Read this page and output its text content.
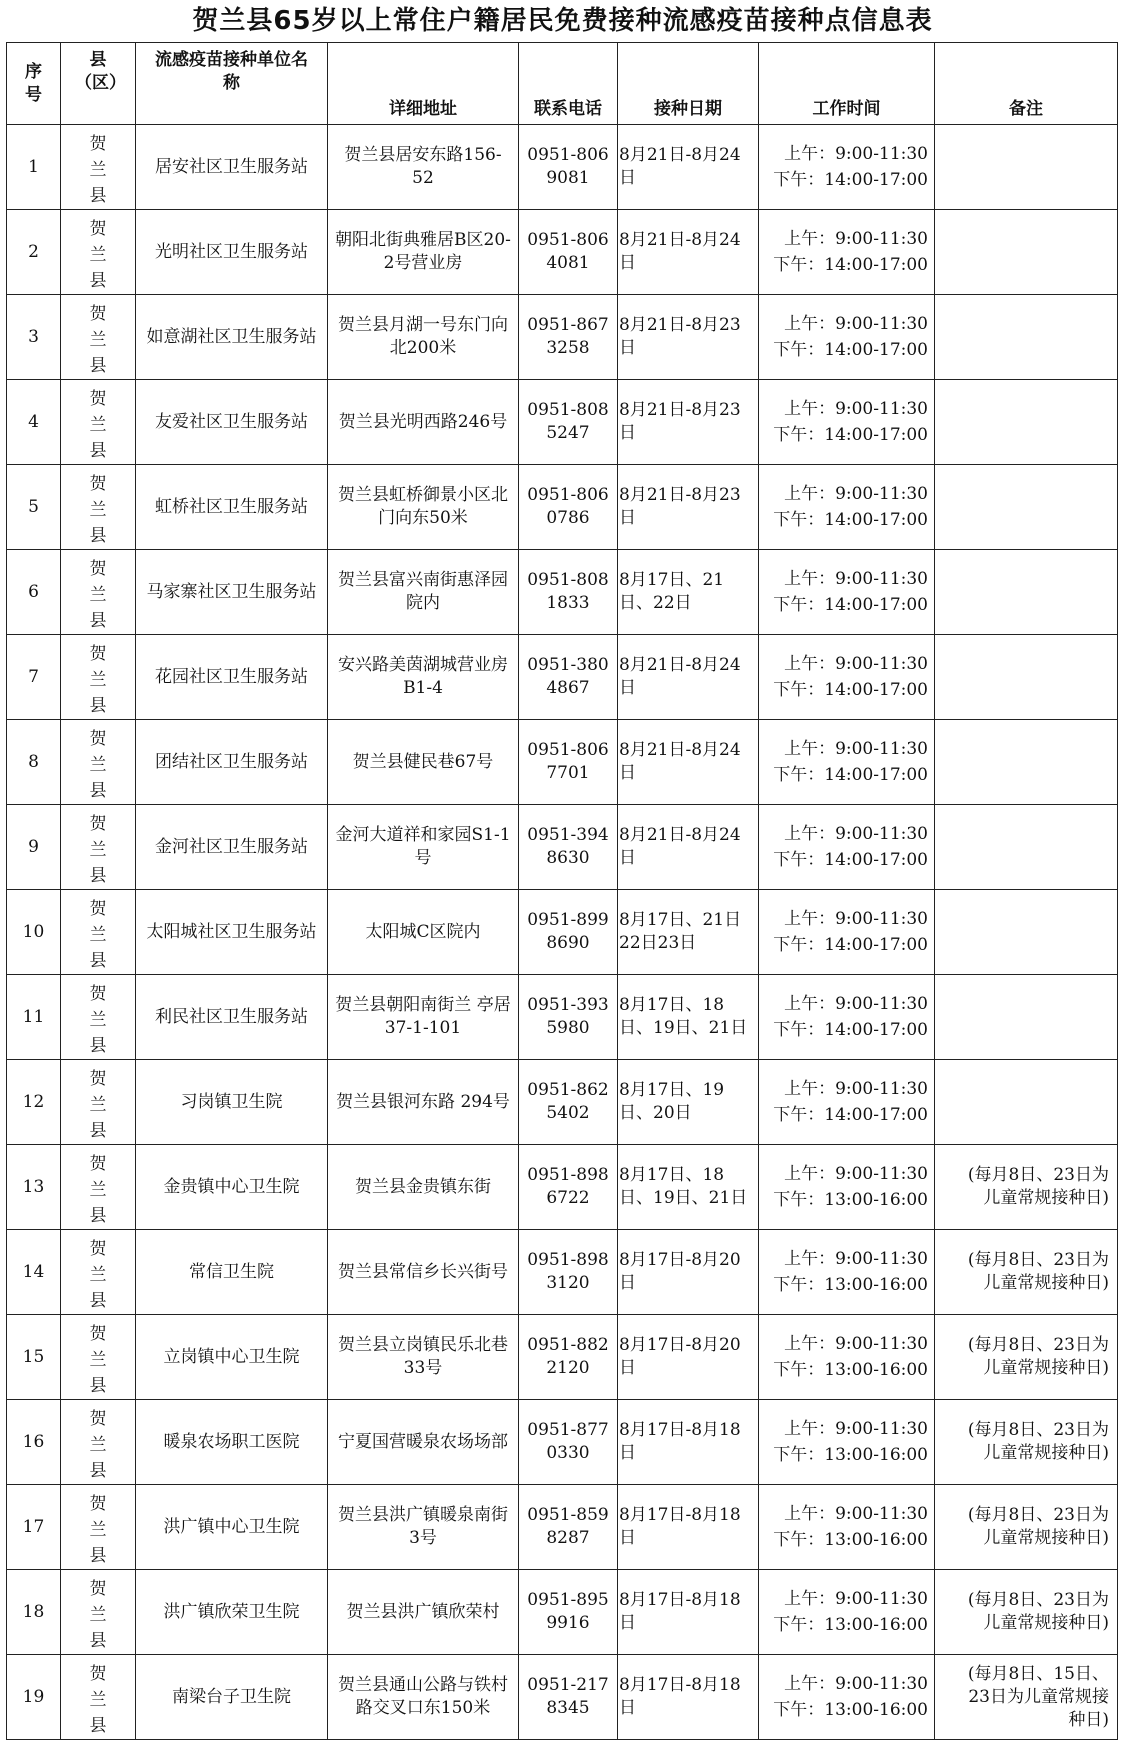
贺兰县65岁以上常住户籍居民免费接种流感疫苗接种点信息表
序号	县（区）	流感疫苗接种单位名 称	详细地址	联系电话	接种日期	工作时间	备注
1	贺兰县	居安社区卫生服务站	贺兰县居安东路156-52	0951-8069081	8月21日-8月24日	上午：9:00-11:30
下午：14:00-17:00	

2	贺兰县	光明社区卫生服务站	朝阳北街典雅居B区20-2号营业房	0951-8064081	8月21日-8月24日	上午：9:00-11:30
下午：14:00-17:00	

3	贺兰县	如意湖社区卫生服务站	贺兰县月湖一号东门向北200米	0951-8673258	8月21日-8月23日	上午：9:00-11:30
下午：14:00-17:00	

4	贺兰县	友爱社区卫生服务站	贺兰县光明西路246号	0951-8085247	8月21日-8月23日	上午：9:00-11:30
下午：14:00-17:00	

5	贺兰县	虹桥社区卫生服务站	贺兰县虹桥御景小区北门向东50米	0951-8060786	8月21日-8月23日	上午：9:00-11:30
下午：14:00-17:00	

6	贺兰县	马家寨社区卫生服务站	贺兰县富兴南街惠泽园院内	0951-8081833	8月17日、21日、22日	上午：9:00-11:30
下午：14:00-17:00	

7	贺兰县	花园社区卫生服务站	安兴路美茵湖城营业房B1-4	0951-3804867	8月21日-8月24日	上午：9:00-11:30
下午：14:00-17:00	

8	贺兰县	团结社区卫生服务站	贺兰县健民巷67号	0951-8067701	8月21日-8月24日	上午：9:00-11:30
下午：14:00-17:00	

9	贺兰县	金河社区卫生服务站	金河大道祥和家园S1-1号	0951-3948630	8月21日-8月24日	上午：9:00-11:30
下午：14:00-17:00	

10	贺兰县	太阳城社区卫生服务站	太阳城C区院内	0951-8998690	8月17日、21日22日23日	上午：9:00-11:30
下午：14:00-17:00	

11	贺兰县	利民社区卫生服务站	贺兰县朝阳南街兰 亭居37-1-101	0951-3935980	8月17日、18日、19日、21日	上午：9:00-11:30
下午：14:00-17:00	

12	贺兰县	习岗镇卫生院	贺兰县银河东路 294号	0951-8625402	8月17日、19日、20日	上午：9:00-11:30
下午：14:00-17:00	

13	贺兰县	金贵镇中心卫生院	贺兰县金贵镇东街	0951-8986722	8月17日、18日、19日、21日	上午：9:00-11:30
下午：13:00-16:00	(每月8日、23日为儿童常规接种日)
14	贺兰县	常信卫生院	贺兰县常信乡长兴街号	0951-8983120	8月17日-8月20日	上午：9:00-11:30
下午：13:00-16:00	(每月8日、23日为儿童常规接种日)
15	贺兰县	立岗镇中心卫生院	贺兰县立岗镇民乐北巷33号	0951-8822120	8月17日-8月20日	上午：9:00-11:30
下午：13:00-16:00	(每月8日、23日为儿童常规接种日)
16	贺兰县	暖泉农场职工医院	宁夏国营暖泉农场场部	0951-8770330	8月17日-8月18日	上午：9:00-11:30
下午：13:00-16:00	(每月8日、23日为儿童常规接种日)
17	贺兰县	洪广镇中心卫生院	贺兰县洪广镇暖泉南街3号	0951-8598287	8月17日-8月18日	上午：9:00-11:30
下午：13:00-16:00	(每月8日、23日为儿童常规接种日)
18	贺兰县	洪广镇欣荣卫生院	贺兰县洪广镇欣荣村	0951-8959916	8月17日-8月18日	上午：9:00-11:30
下午：13:00-16:00	(每月8日、23日为儿童常规接种日)
19	贺兰县	南梁台子卫生院	贺兰县通山公路与铁村路交叉口东150米	0951-2178345	8月17日-8月18日	上午：9:00-11:30
下午：13:00-16:00	(每月8日、15日、23日为儿童常规接种日)
